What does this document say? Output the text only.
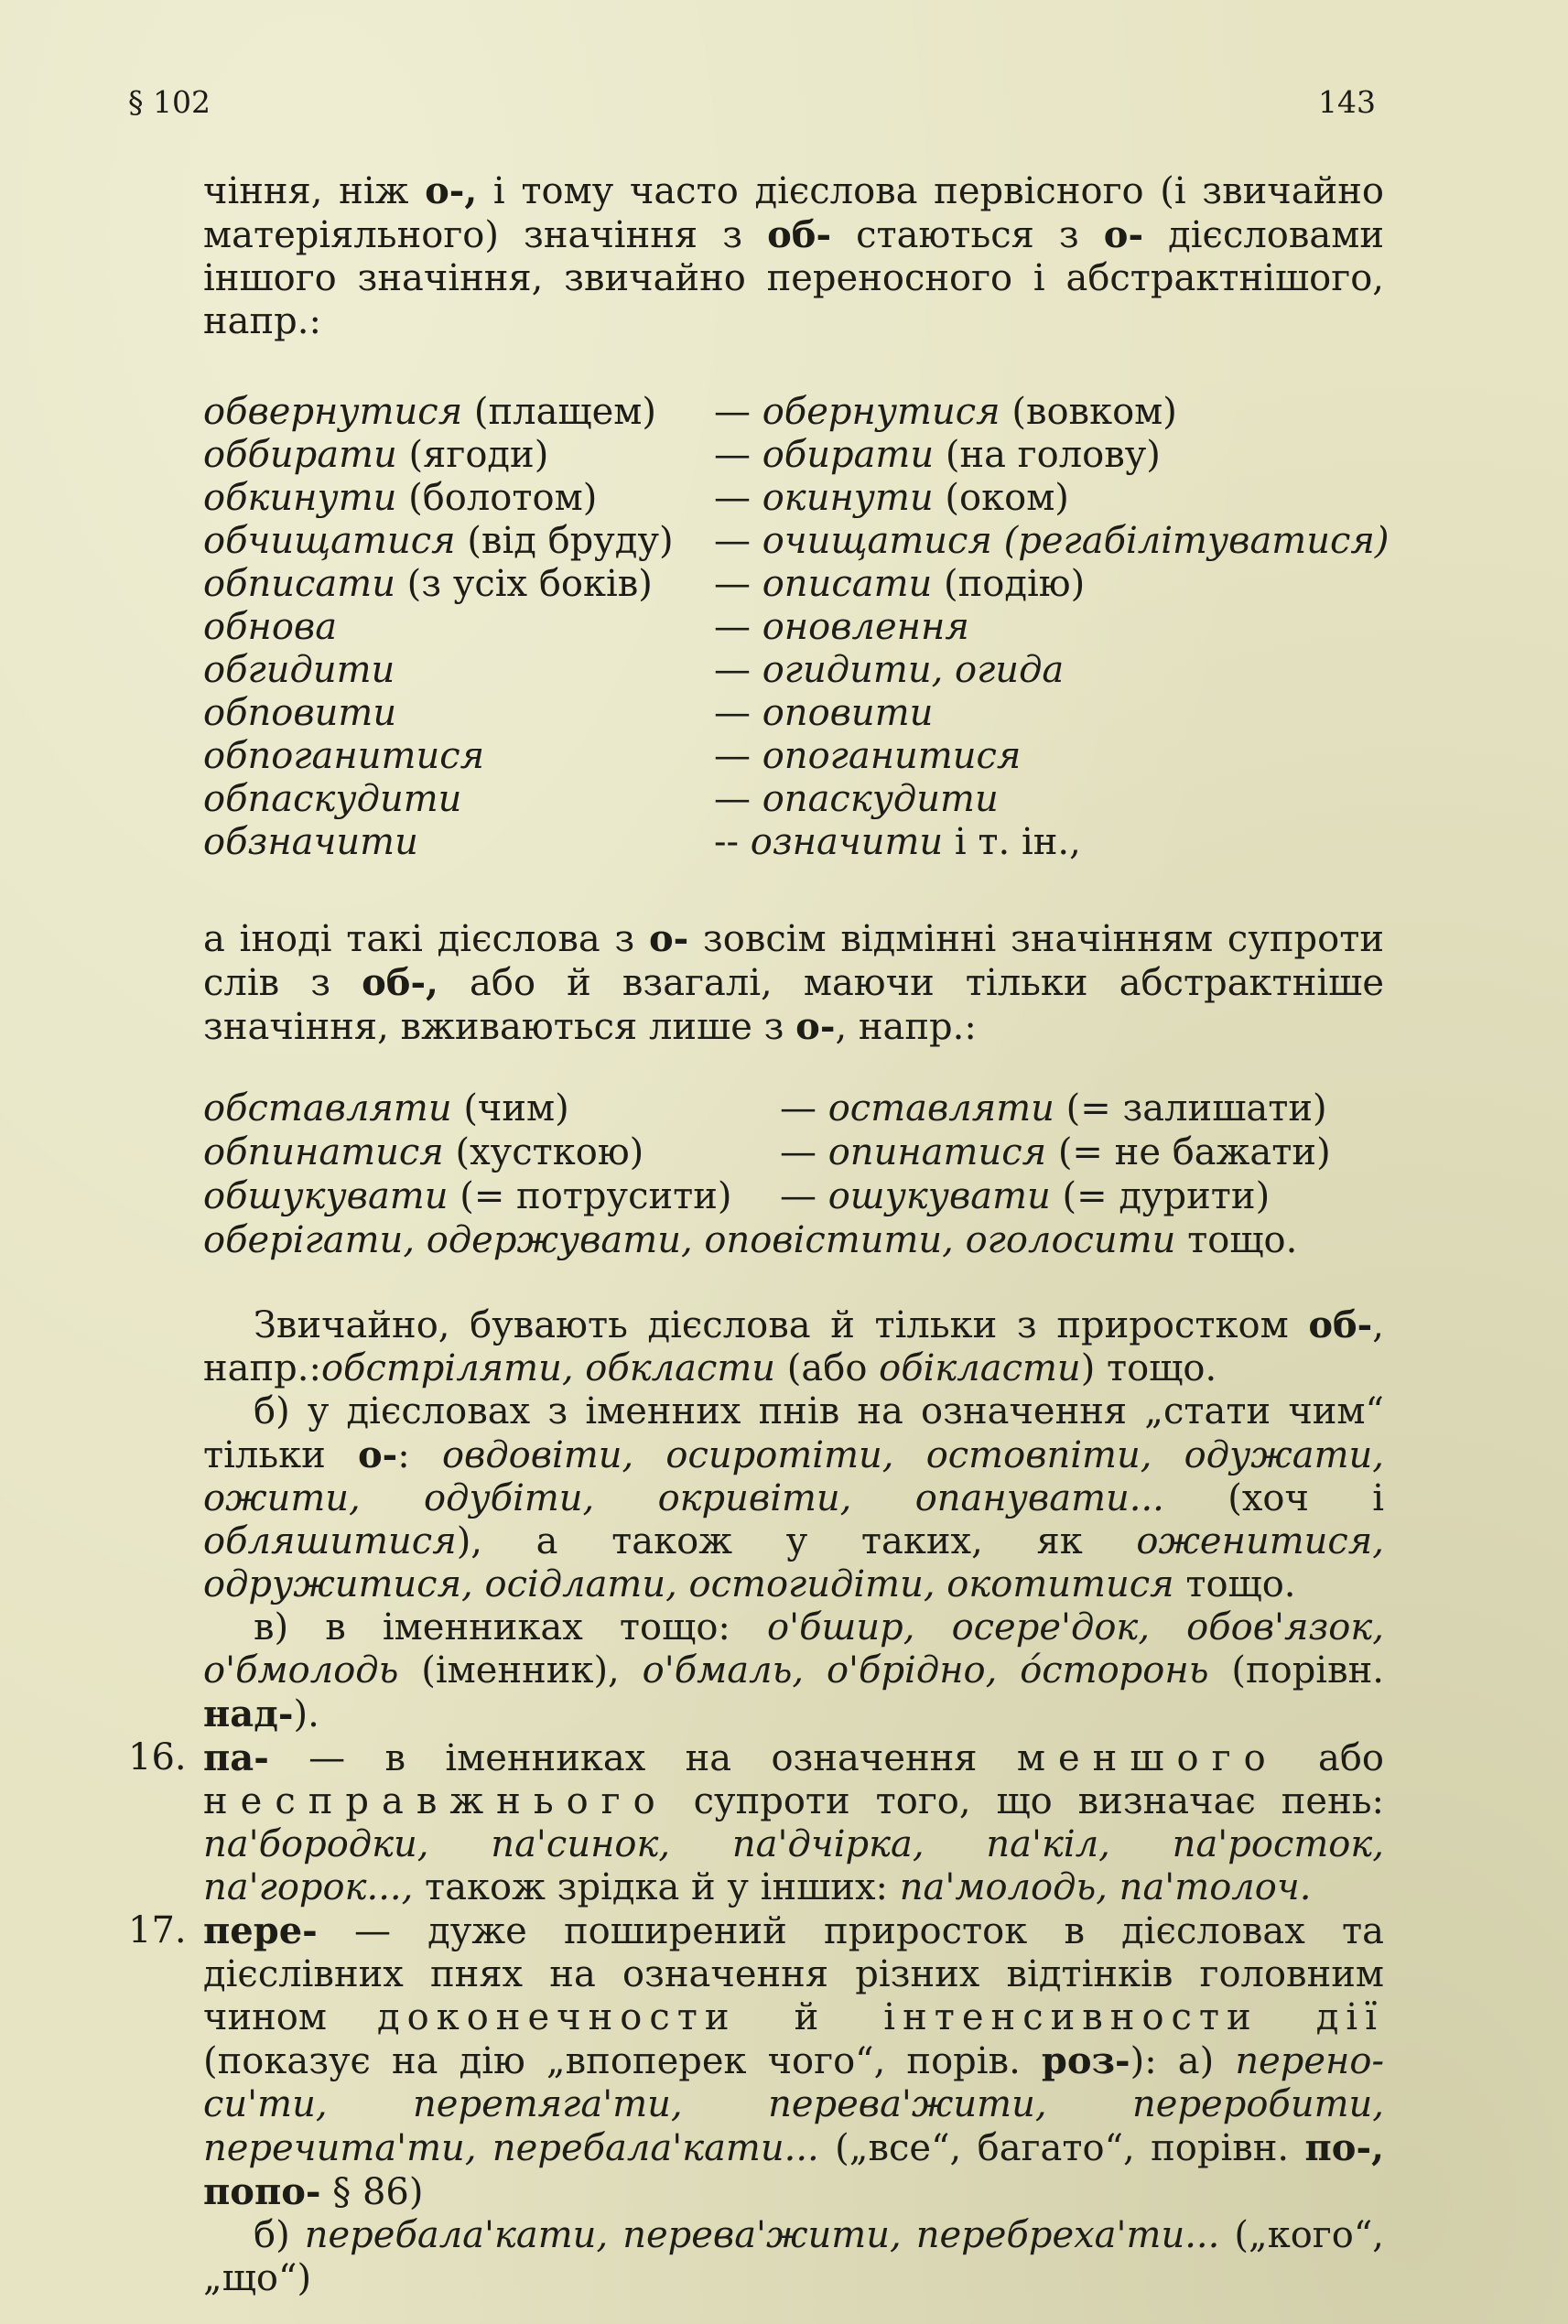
§ 102	143

чіння, ніж о-, і тому часто дієслова первісного (і звичайно матеріяльного) значіння з об- стаються з о- дієсловами іншого значіння, звичайно переносного і абстрактнішого, напр.:

обвернутися (плащем) — обернутися (вовком)
оббирати (ягоди)	— обирати (на голову)
обкинути (болотом)	— окинути (оком)
обчищатися (від бруду) — очищатися (регабілітуватися)
обписати (з усіх боків) — описати (подію)
обнова	— оновлення
обгидити	— огидити, огида
обповити	— оповити
обпоганитися	— опоганитися
обпаскудити	— опаскудити
обзначити	-- означити і т. ін.,

а іноді такі дієслова з о- зовсім відмінні значінням супроти слів з об-, або й взагалі, маючи тільки абстрактніше значіння, вживаються лише з о-, напр.:

обставляти (чим)	— оставляти (= залишати)
обпинатися (хусткою)	— опинатися (= не бажати)
обшукувати (= потрусити) — ошукувати (= дурити)
оберігати, одержувати, оповістити, оголосити тощо.

Звичайно, бувають дієслова й тільки з приростком об-, напр.:обстріляти, обкласти (або обікласти) тощо.

б) у дієсловах з іменних пнів на означення „стати чим“ тільки о-: овдовіти, осиротіти, остовпіти, одужати, ожити, одубіти, окривіти, опанувати... (хоч і обляшитися), а також у таких, як оженитися, одружитися, осідлати, остогидіти, окотитися тощо.

в) в іменниках тощо: о'бшир, осере'док, обов'язок, о'бмолодь (іменник), о'бмаль, о'брідно, о́сторонь (порівн. над-).

16. па- — в іменниках на означення меншого або несправжнього супроти того, що визначає пень: па'бородки, па'синок, па'дчірка, па'кіл, па'росток, па'горок..., також зрідка й у інших: па'молодь, па'толоч.

17. пере- — дуже поширений приросток в дієсловах та дієслівних пнях на означення різних відтінків головним чином доконечности й інтенсивности дії (показує на дію „впоперек чого“, порів. роз-): а) перено-си'ти, перетяга'ти, перева'жити, переробити, перечита'ти, перебала'кати... („все“, багато“, порівн. по-, попо- § 86)

б) перебала'кати, перева'жити, перебреха'ти... („кого“, „що“)
